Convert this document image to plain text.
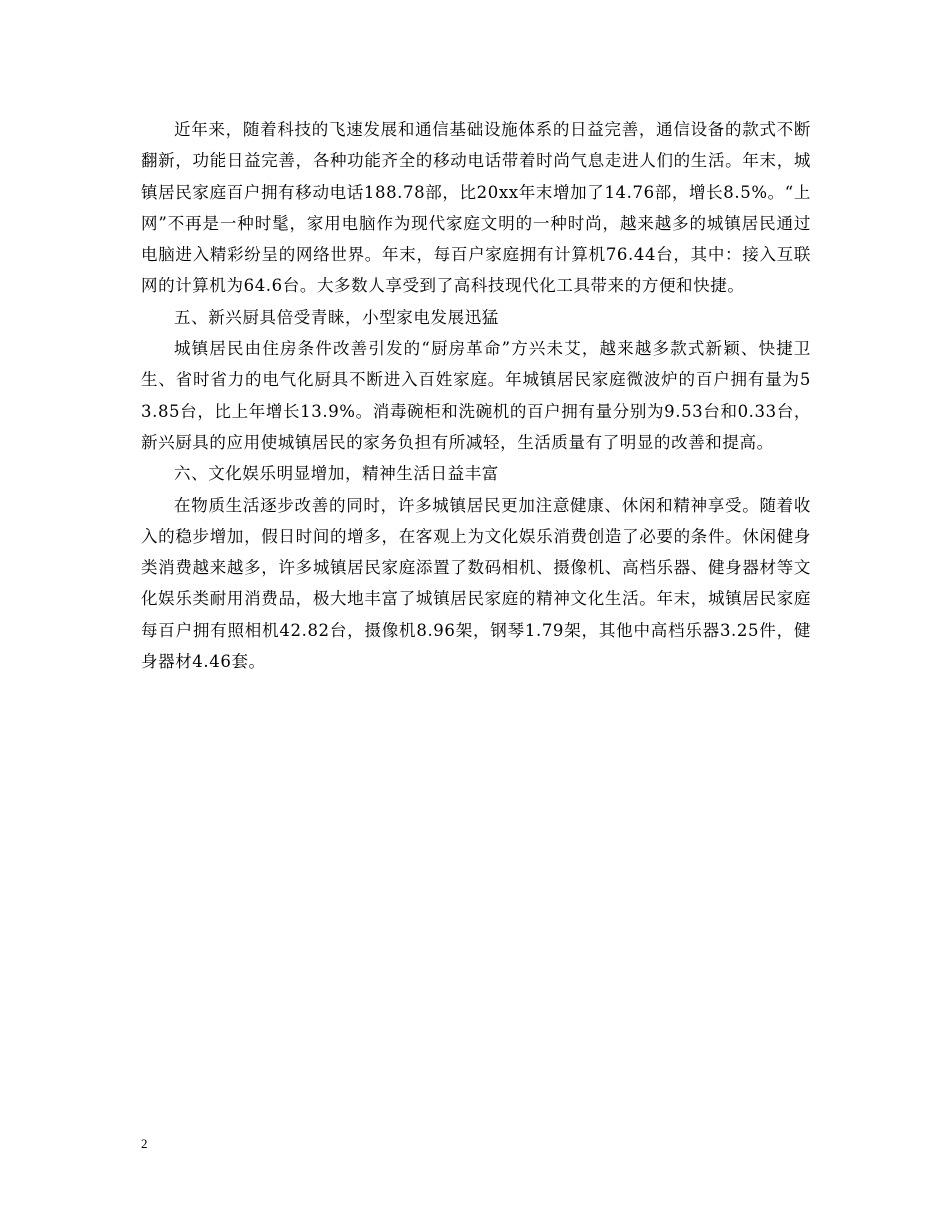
近年来，随着科技的飞速发展和通信基础设施体系的日益完善，通信设备的款式不断翻新，功能日益完善，各种功能齐全的移动电话带着时尚气息走进人们的生活。年末，城镇居民家庭百户拥有移动电话188.78部，比20xx年末增加了14.76部，增长8.5%。“上网”不再是一种时髦，家用电脑作为现代家庭文明的一种时尚，越来越多的城镇居民通过电脑进入精彩纷呈的网络世界。年末，每百户家庭拥有计算机76.44台，其中：接入互联网的计算机为64.6台。大多数人享受到了高科技现代化工具带来的方便和快捷。

五、新兴厨具倍受青睐，小型家电发展迅猛

城镇居民由住房条件改善引发的“厨房革命”方兴未艾，越来越多款式新颖、快捷卫生、省时省力的电气化厨具不断进入百姓家庭。年城镇居民家庭微波炉的百户拥有量为53.85台，比上年增长13.9%。消毒碗柜和洗碗机的百户拥有量分别为9.53台和0.33台，新兴厨具的应用使城镇居民的家务负担有所减轻，生活质量有了明显的改善和提高。

六、文化娱乐明显增加，精神生活日益丰富

在物质生活逐步改善的同时，许多城镇居民更加注意健康、休闲和精神享受。随着收入的稳步增加，假日时间的增多，在客观上为文化娱乐消费创造了必要的条件。休闲健身类消费越来越多，许多城镇居民家庭添置了数码相机、摄像机、高档乐器、健身器材等文化娱乐类耐用消费品，极大地丰富了城镇居民家庭的精神文化生活。年末，城镇居民家庭每百户拥有照相机42.82台，摄像机8.96架，钢琴1.79架，其他中高档乐器3.25件，健身器材4.46套。

2
